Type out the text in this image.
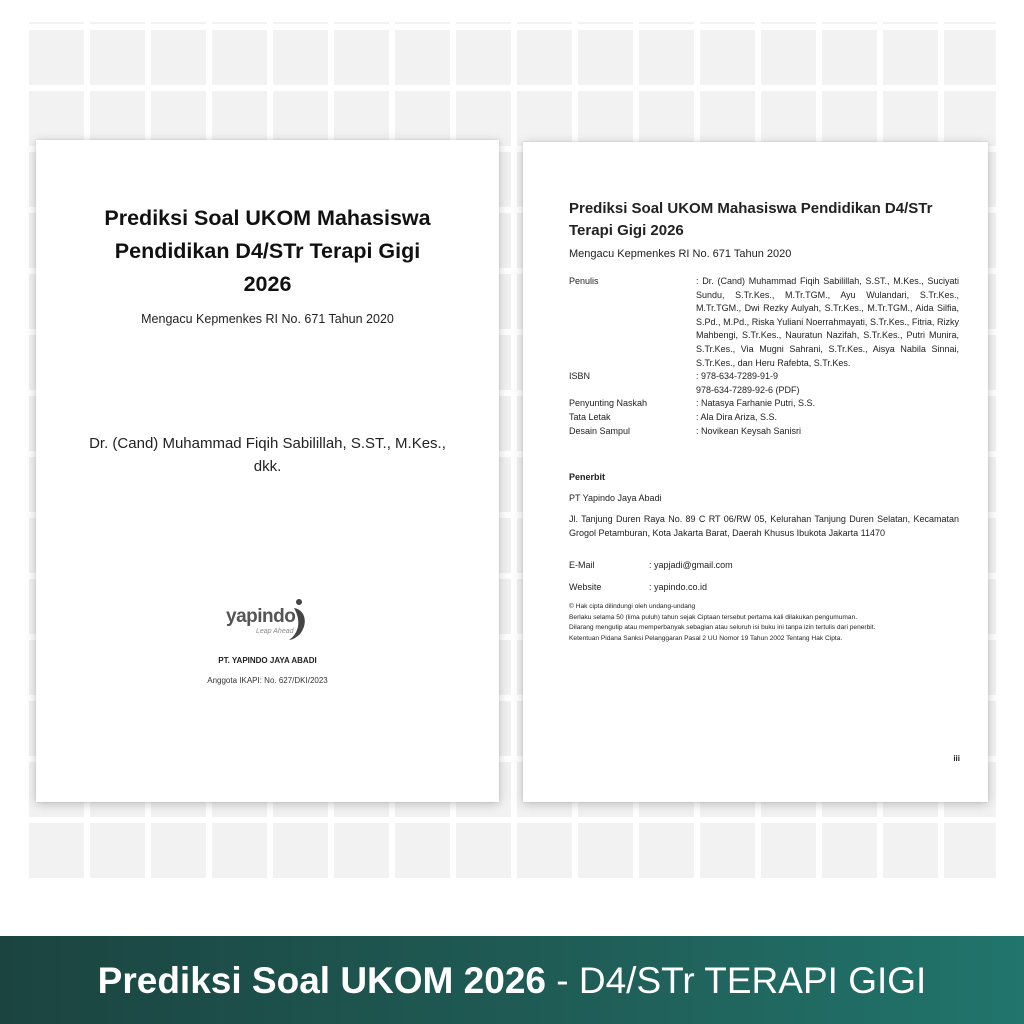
Prediksi Soal UKOM Mahasiswa
Pendidikan D4/STr Terapi Gigi
2026
Mengacu Kepmenkes RI No. 671 Tahun 2020
Dr. (Cand) Muhammad Fiqih Sabilillah, S.ST., M.Kes.,
dkk.
yapindo
Leap Ahead
PT. YAPINDO JAYA ABADI
Anggota IKAPI: No. 627/DKI/2023
Prediksi Soal UKOM Mahasiswa Pendidikan D4/STr
Terapi Gigi 2026
Mengacu Kepmenkes RI No. 671 Tahun 2020
Penulis	: Dr. (Cand) Muhammad Fiqih Sabilillah, S.ST., M.Kes., Suciyati Sundu, S.Tr.Kes., M.Tr.TGM., Ayu Wulandari, S.Tr.Kes., M.Tr.TGM., Dwi Rezky Aulyah, S.Tr.Kes., M.Tr.TGM., Aida Silfia, S.Pd., M.Pd., Riska Yuliani Noerrahmayati, S.Tr.Kes., Fitria, Rizky Mahbengi, S.Tr.Kes., Nauratun Nazifah, S.Tr.Kes., Putri Munira, S.Tr.Kes., Via Mugni Sahrani, S.Tr.Kes., Aisya Nabila Sinnai, S.Tr.Kes., dan Heru Rafebta, S.Tr.Kes.
ISBN	: 978-634-7289-91-9
978-634-7289-92-6 (PDF)
Penyunting Naskah	: Natasya Farhanie Putri, S.S.
Tata Letak	: Ala Dira Ariza, S.S.
Desain Sampul	: Novikean Keysah Sanisri
Penerbit
PT Yapindo Jaya Abadi
Jl. Tanjung Duren Raya No. 89 C RT 06/RW 05, Kelurahan Tanjung Duren Selatan, Kecamatan Grogol Petamburan, Kota Jakarta Barat, Daerah Khusus Ibukota Jakarta 11470
E-Mail	: yapjadi@gmail.com
Website	: yapindo.co.id
© Hak cipta dilindungi oleh undang-undang
Berlaku selama 50 (lima puluh) tahun sejak Ciptaan tersebut pertama kali dilakukan pengumuman.
Dilarang mengutip atau memperbanyak sebagian atau seluruh isi buku ini tanpa izin tertulis dari penerbit.
Ketentuan Pidana Sanksi Pelanggaran Pasal 2 UU Nomor 19 Tahun 2002 Tentang Hak Cipta.
iii
Prediksi Soal UKOM 2026 - D4/STr TERAPI GIGI
